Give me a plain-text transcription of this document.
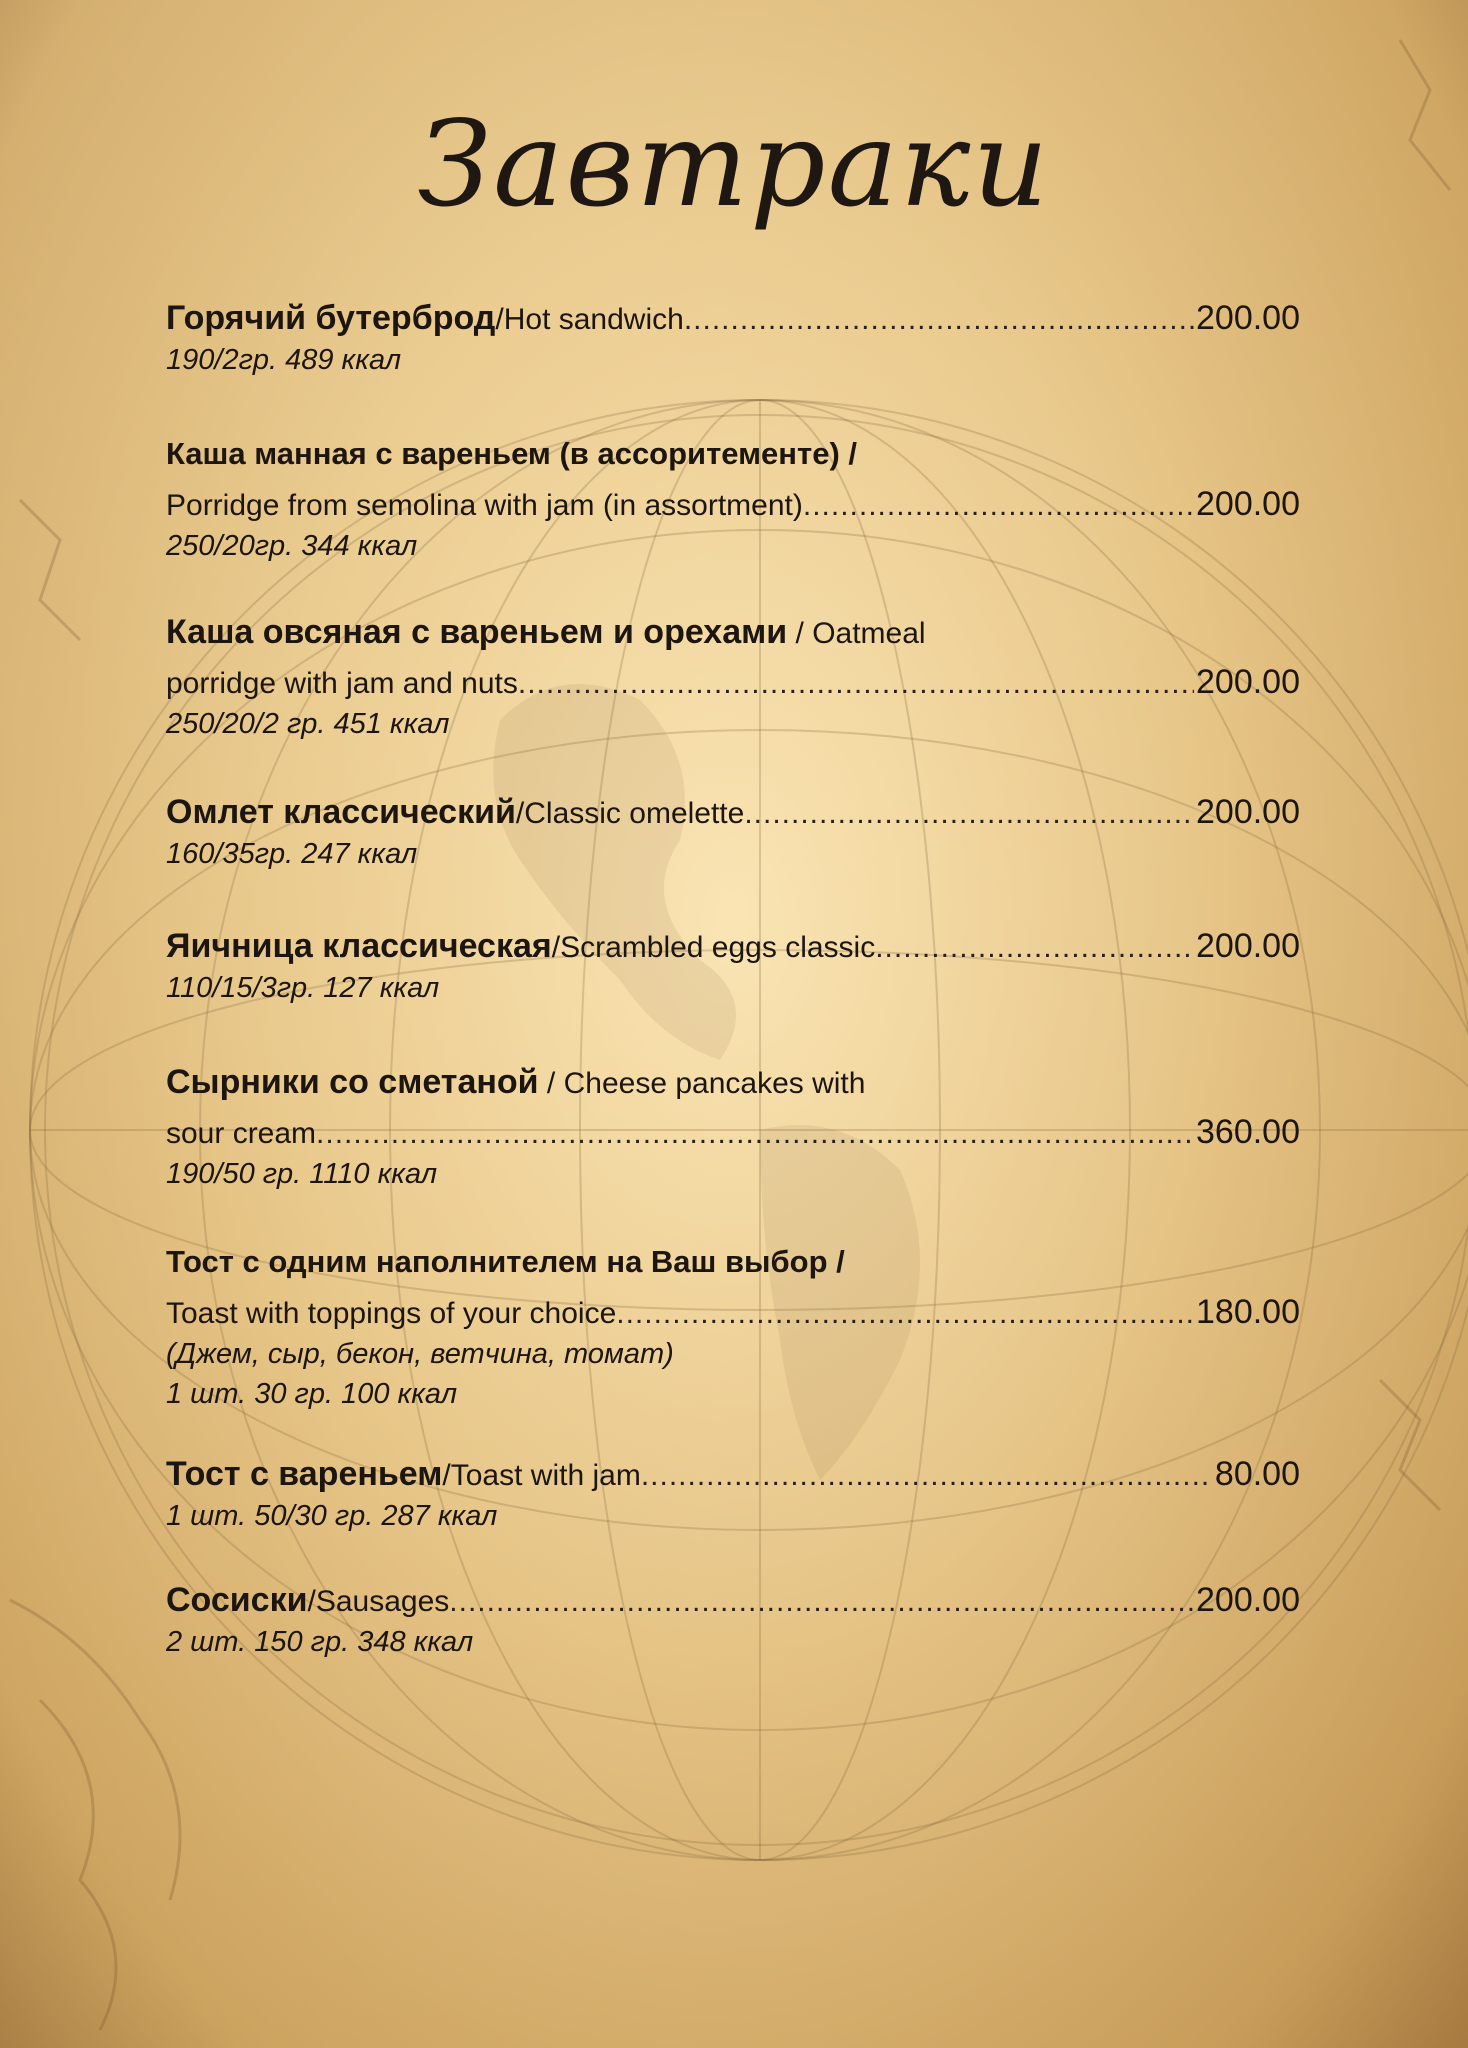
Завтраки
Горячий бутерброд / Hot sandwich .....	200.00
190/2гр. 489 ккал
Каша манная с вареньем (в ассоритементе) /
Porridge from semolina with jam (in assortment) .....	200.00
250/20гр. 344 ккал
Каша овсяная с вареньем и орехами / Oatmeal
porridge with jam and nuts .....	200.00
250/20/2 гр. 451 ккал
Омлет классический / Classic omelette .....	200.00
160/35гр. 247 ккал
Яичница классическая / Scrambled eggs classic .....	200.00
110/15/3гр. 127 ккал
Сырники со сметаной / Cheese pancakes with
sour cream .....	360.00
190/50 гр. 1110 ккал
Тост с одним наполнителем на Ваш выбор /
Toast with toppings of your choice .....	180.00
(Джем, сыр, бекон, ветчина, томат)
1 шт. 30 гр. 100 ккал
Тост с вареньем / Toast with jam .....	80.00
1 шт. 50/30 гр. 287 ккал
Сосиски / Sausages .....	200.00
2 шт. 150 гр. 348 ккал
